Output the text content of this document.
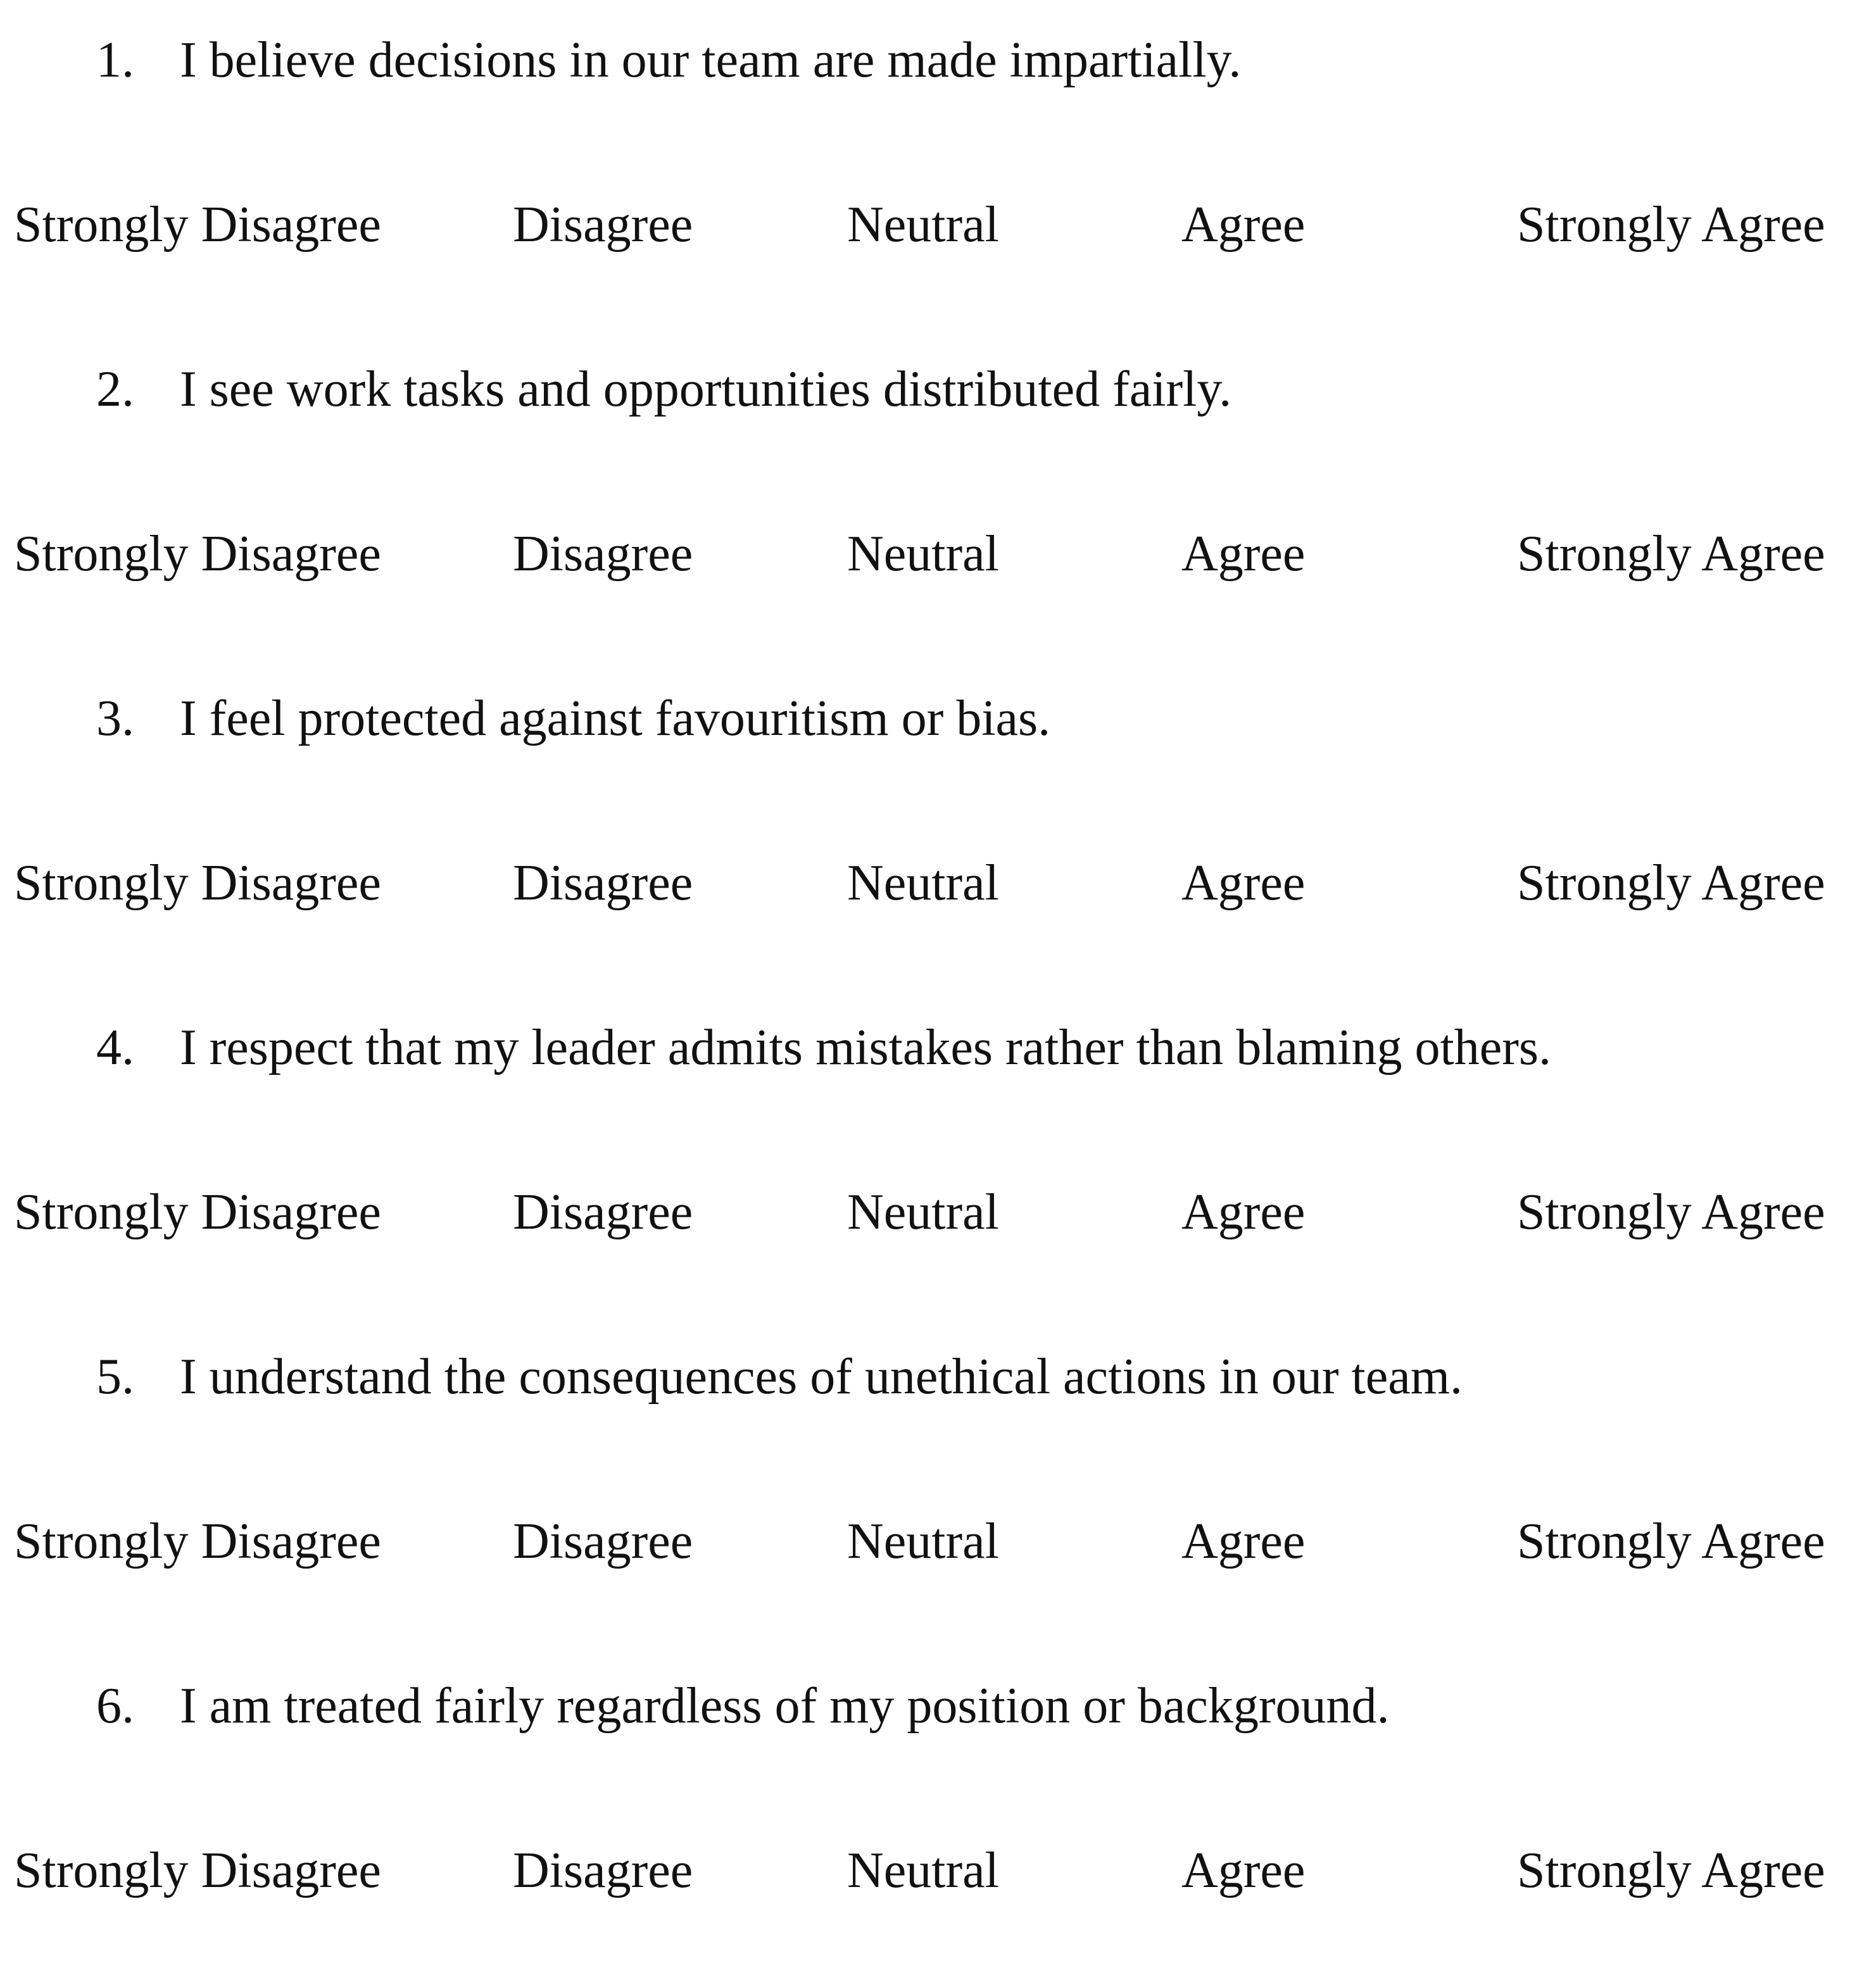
1. I believe decisions in our team are made impartially.
Strongly Disagree	Disagree	Neutral	Agree	Strongly Agree
2. I see work tasks and opportunities distributed fairly.
Strongly Disagree	Disagree	Neutral	Agree	Strongly Agree
3. I feel protected against favouritism or bias.
Strongly Disagree	Disagree	Neutral	Agree	Strongly Agree
4. I respect that my leader admits mistakes rather than blaming others.
Strongly Disagree	Disagree	Neutral	Agree	Strongly Agree
5. I understand the consequences of unethical actions in our team.
Strongly Disagree	Disagree	Neutral	Agree	Strongly Agree
6. I am treated fairly regardless of my position or background.
Strongly Disagree	Disagree	Neutral	Agree	Strongly Agree
